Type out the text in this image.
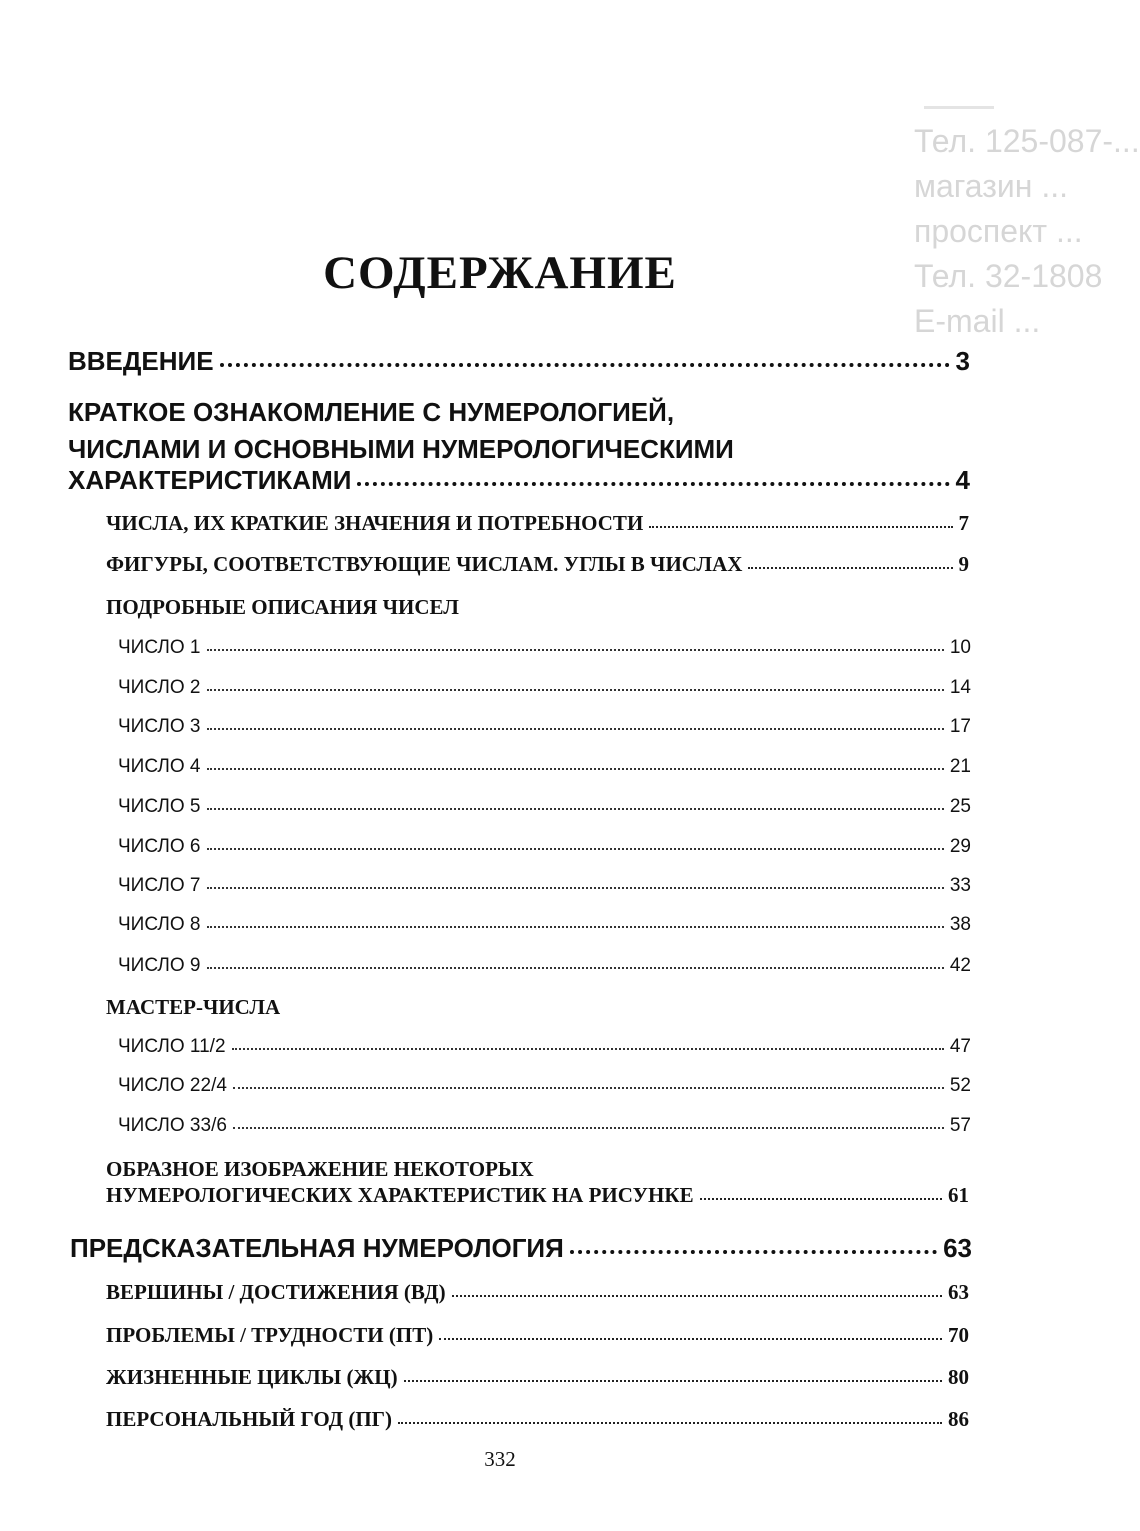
Тел. 125-087-...
магазин ...
проспект ...
Тел. 32-1808
E-mail ...
СОДЕРЖАНИЕ
ВВЕДЕНИЕ	3
КРАТКОЕ ОЗНАКОМЛЕНИЕ С НУМЕРОЛОГИЕЙ,
ЧИСЛАМИ И ОСНОВНЫМИ НУМЕРОЛОГИЧЕСКИМИ
ХАРАКТЕРИСТИКАМИ	4
ЧИСЛА, ИХ КРАТКИЕ ЗНАЧЕНИЯ И ПОТРЕБНОСТИ	7
ФИГУРЫ, СООТВЕТСТВУЮЩИЕ ЧИСЛАМ. УГЛЫ В ЧИСЛАХ	9
ПОДРОБНЫЕ ОПИСАНИЯ ЧИСЕЛ
ЧИСЛО 1	10
ЧИСЛО 2	14
ЧИСЛО 3	17
ЧИСЛО 4	21
ЧИСЛО 5	25
ЧИСЛО 6	29
ЧИСЛО 7	33
ЧИСЛО 8	38
ЧИСЛО 9	42
МАСТЕР-ЧИСЛА
ЧИСЛО 11/2	47
ЧИСЛО 22/4	52
ЧИСЛО 33/6	57
ОБРАЗНОЕ ИЗОБРАЖЕНИЕ НЕКОТОРЫХ
НУМЕРОЛОГИЧЕСКИХ ХАРАКТЕРИСТИК НА РИСУНКЕ	61
ПРЕДСКАЗАТЕЛЬНАЯ НУМЕРОЛОГИЯ	63
ВЕРШИНЫ / ДОСТИЖЕНИЯ (ВД)	63
ПРОБЛЕМЫ / ТРУДНОСТИ (ПТ)	70
ЖИЗНЕННЫЕ ЦИКЛЫ (ЖЦ)	80
ПЕРСОНАЛЬНЫЙ ГОД (ПГ)	86
332
